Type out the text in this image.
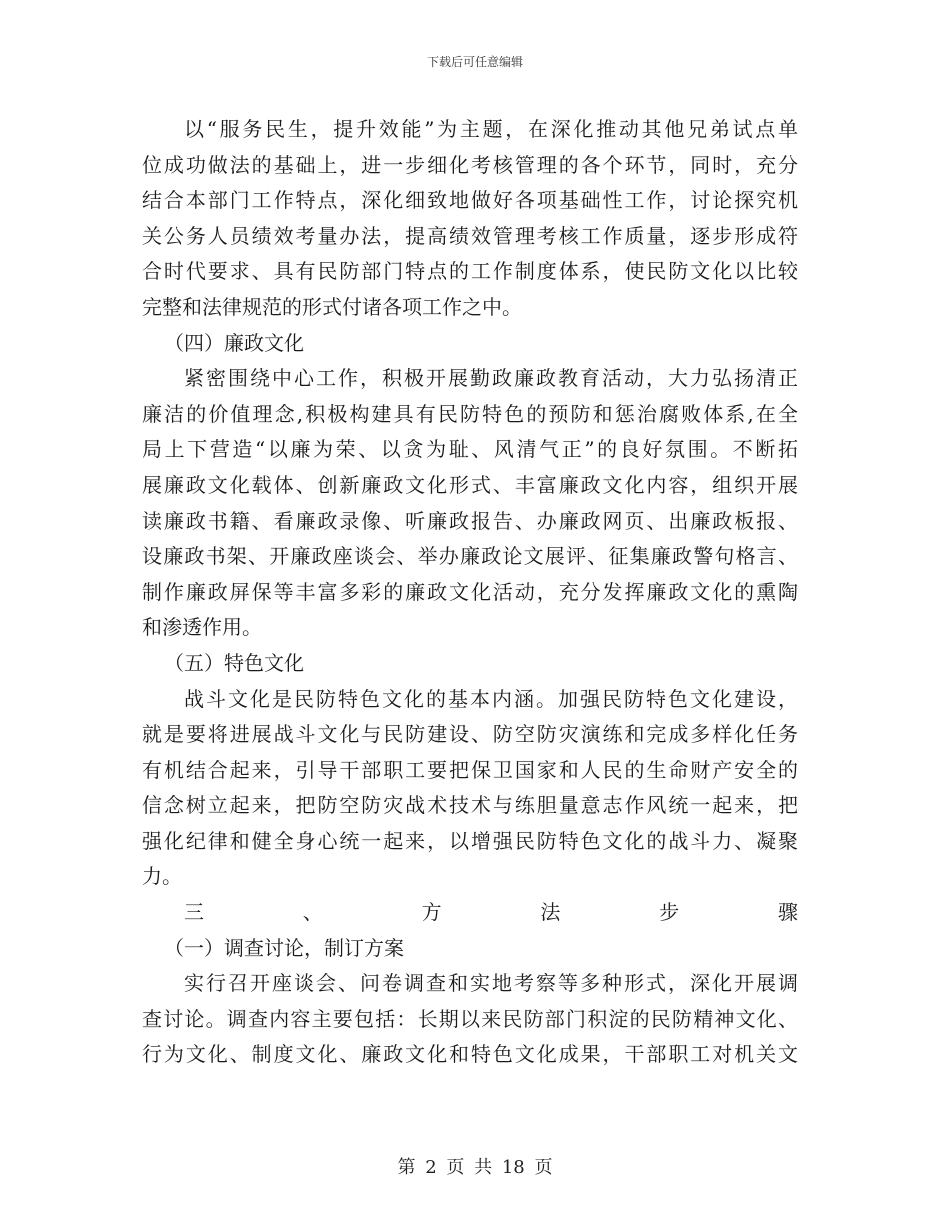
下载后可任意编辑
以“服务民生，提升效能”为主题，在深化推动其他兄弟试点单
位成功做法的基础上，进一步细化考核管理的各个环节，同时，充分
结合本部门工作特点，深化细致地做好各项基础性工作，讨论探究机
关公务人员绩效考量办法，提高绩效管理考核工作质量，逐步形成符
合时代要求、具有民防部门特点的工作制度体系，使民防文化以比较
完整和法律规范的形式付诸各项工作之中。
（四）廉政文化
紧密围绕中心工作，积极开展勤政廉政教育活动，大力弘扬清正
廉洁的价值理念,积极构建具有民防特色的预防和惩治腐败体系,在全
局上下营造“以廉为荣、以贪为耻、风清气正”的良好氛围。不断拓
展廉政文化载体、创新廉政文化形式、丰富廉政文化内容，组织开展
读廉政书籍、看廉政录像、听廉政报告、办廉政网页、出廉政板报、
设廉政书架、开廉政座谈会、举办廉政论文展评、征集廉政警句格言、
制作廉政屏保等丰富多彩的廉政文化活动，充分发挥廉政文化的熏陶
和渗透作用。
（五）特色文化
战斗文化是民防特色文化的基本内涵。加强民防特色文化建设，
就是要将进展战斗文化与民防建设、防空防灾演练和完成多样化任务
有机结合起来，引导干部职工要把保卫国家和人民的生命财产安全的
信念树立起来，把防空防灾战术技术与练胆量意志作风统一起来，把
强化纪律和健全身心统一起来，以增强民防特色文化的战斗力、凝聚
力。
三、方法步骤
（一）调查讨论，制订方案
实行召开座谈会、问卷调查和实地考察等多种形式，深化开展调
查讨论。调查内容主要包括：长期以来民防部门积淀的民防精神文化、
行为文化、制度文化、廉政文化和特色文化成果，干部职工对机关文
第 2 页 共 18 页
